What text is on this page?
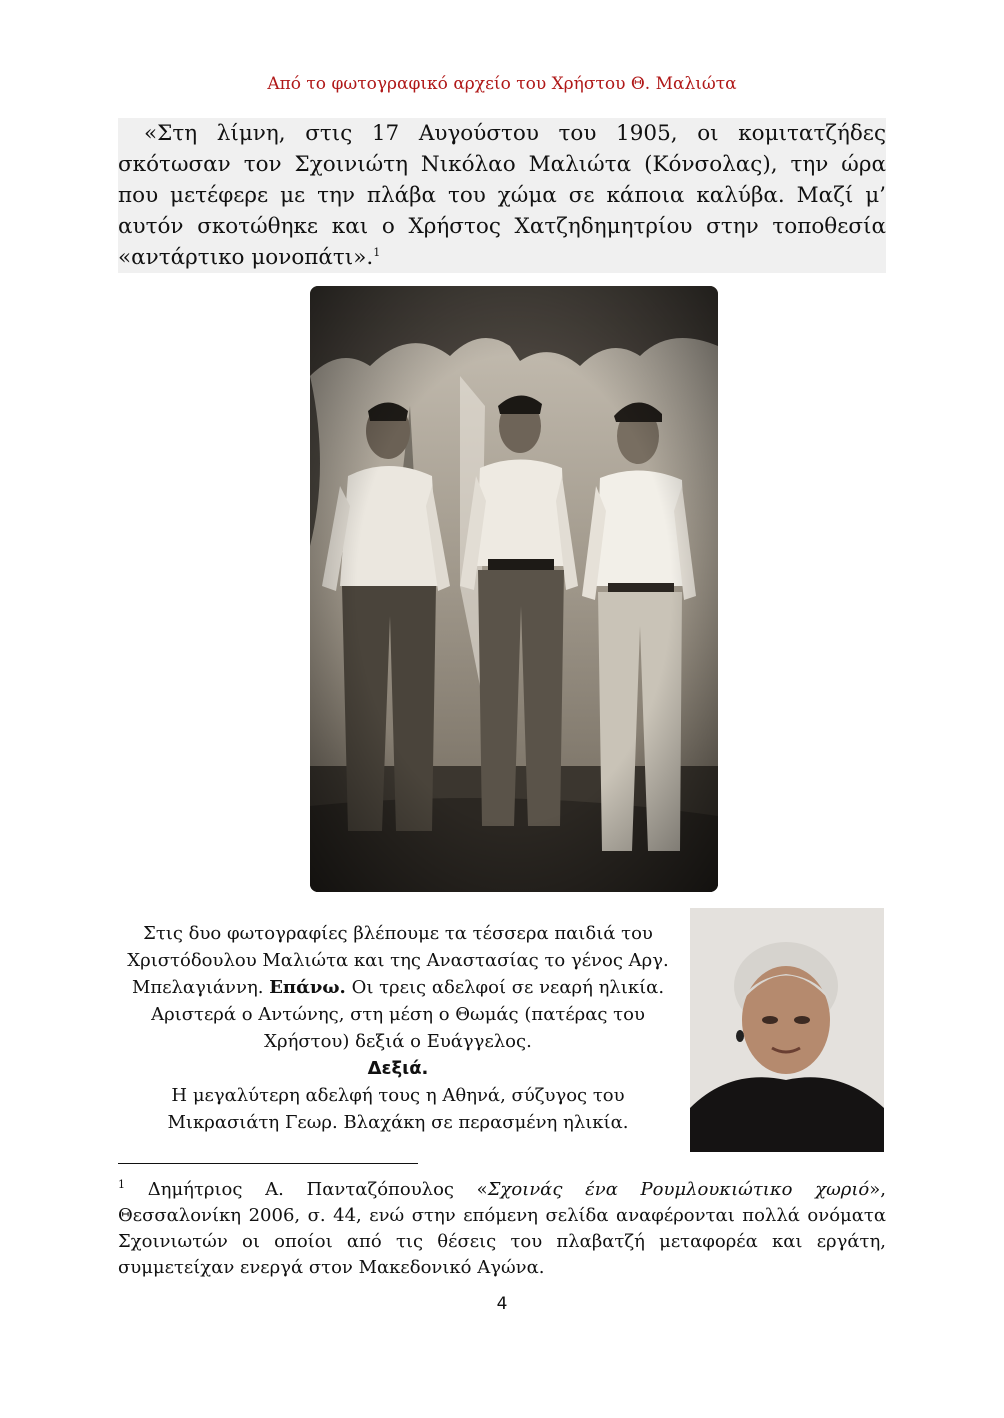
Από το φωτογραφικό αρχείο του Χρήστου Θ. Μαλιώτα

«Στη λίμνη, στις 17 Αυγούστου του 1905, οι κομιτατζήδες σκότωσαν τον Σχοινιώτη Νικόλαο Μαλιώτα (Κόνσολας), την ώρα που μετέφερε με την πλάβα του χώμα σε κάποια καλύβα. Μαζί μ’ αυτόν σκοτώθηκε και ο Χρήστος Χατζηδημητρίου στην τοποθεσία «αντάρτικο μονοπάτι».$^1$

Στις δυο φωτογραφίες βλέπουμε τα τέσσερα παιδιά του Χριστόδουλου Μαλιώτα και της Αναστασίας το γένος Αργ. Μπελαγιάννη. Επάνω. Οι τρεις αδελφοί σε νεαρή ηλικία. Αριστερά ο Αντώνης, στη μέση ο Θωμάς (πατέρας του Χρήστου) δεξιά ο Ευάγγελος.
Δεξιά.
Η μεγαλύτερη αδελφή τους η Αθηνά, σύζυγος του Μικρασιάτη Γεωρ. Βλαχάκη σε περασμένη ηλικία.
$^1$ Δημήτριος Α. Πανταζόπουλος «Σχοινάς ένα Ρουμλουκιώτικο χωριό», Θεσσαλονίκη 2006, σ. 44, ενώ στην επόμενη σελίδα αναφέρονται πολλά ονόματα Σχοινιωτών οι οποίοι από τις θέσεις του πλαβατζή μεταφορέα και εργάτη, συμμετείχαν ενεργά στον Μακεδονικό Αγώνα.
4
